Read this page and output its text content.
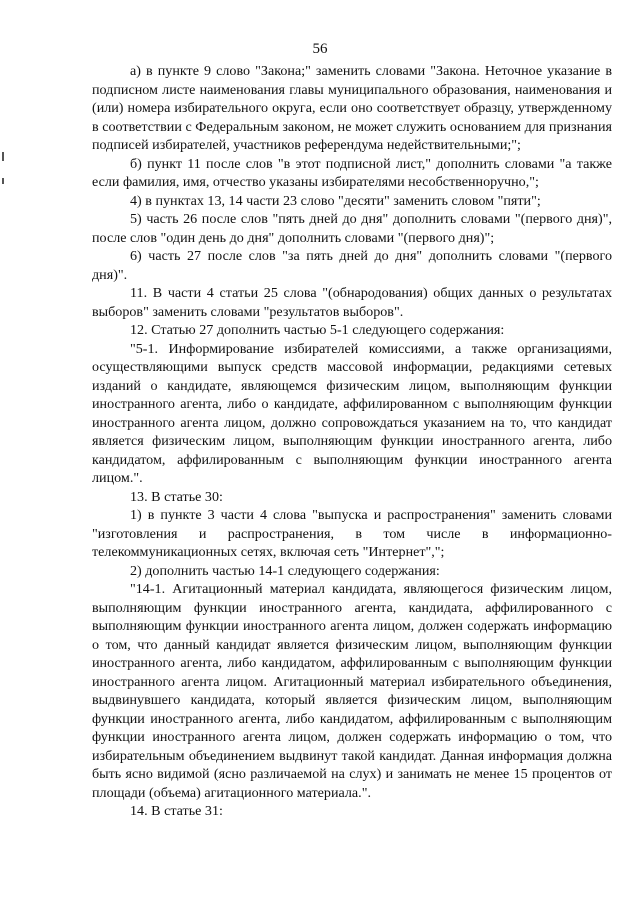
56

а) в пункте 9 слово "Закона;" заменить словами "Закона. Неточное указание в подписном листе наименования главы муниципального образования, наименования и (или) номера избирательного округа, если оно соответствует образцу, утвержденному в соответствии с Федеральным законом, не может служить основанием для признания подписей избирателей, участников референдума недействительными;";

б) пункт 11 после слов "в этот подписной лист," дополнить словами "а также если фамилия, имя, отчество указаны избирателями несобственноручно,";

4) в пунктах 13, 14 части 23 слово "десяти" заменить словом "пяти";

5) часть 26 после слов "пять дней до дня" дополнить словами "(первого дня)", после слов "один день до дня" дополнить словами "(первого дня)";

6) часть 27 после слов "за пять дней до дня" дополнить словами "(первого дня)".

11. В части 4 статьи 25 слова "(обнародования) общих данных о результатах выборов" заменить словами "результатов выборов".

12. Статью 27 дополнить частью 5-1 следующего содержания:

"5-1. Информирование избирателей комиссиями, а также организациями, осуществляющими выпуск средств массовой информации, редакциями сетевых изданий о кандидате, являющемся физическим лицом, выполняющим функции иностранного агента, либо о кандидате, аффилированном с выполняющим функции иностранного агента лицом, должно сопровождаться указанием на то, что кандидат является физическим лицом, выполняющим функции иностранного агента, либо кандидатом, аффилированным с выполняющим функции иностранного агента лицом.".

13. В статье 30:

1) в пункте 3 части 4 слова "выпуска и распространения" заменить словами "изготовления и распространения, в том числе в информационно-телекоммуникационных сетях, включая сеть "Интернет",";

2) дополнить частью 14-1 следующего содержания:

"14-1. Агитационный материал кандидата, являющегося физическим лицом, выполняющим функции иностранного агента, кандидата, аффилированного с выполняющим функции иностранного агента лицом, должен содержать информацию о том, что данный кандидат является физическим лицом, выполняющим функции иностранного агента, либо кандидатом, аффилированным с выполняющим функции иностранного агента лицом. Агитационный материал избирательного объединения, выдвинувшего кандидата, который является физическим лицом, выполняющим функции иностранного агента, либо кандидатом, аффилированным с выполняющим функции иностранного агента лицом, должен содержать информацию о том, что избирательным объединением выдвинут такой кандидат. Данная информация должна быть ясно видимой (ясно различаемой на слух) и занимать не менее 15 процентов от площади (объема) агитационного материала.".

14. В статье 31:
